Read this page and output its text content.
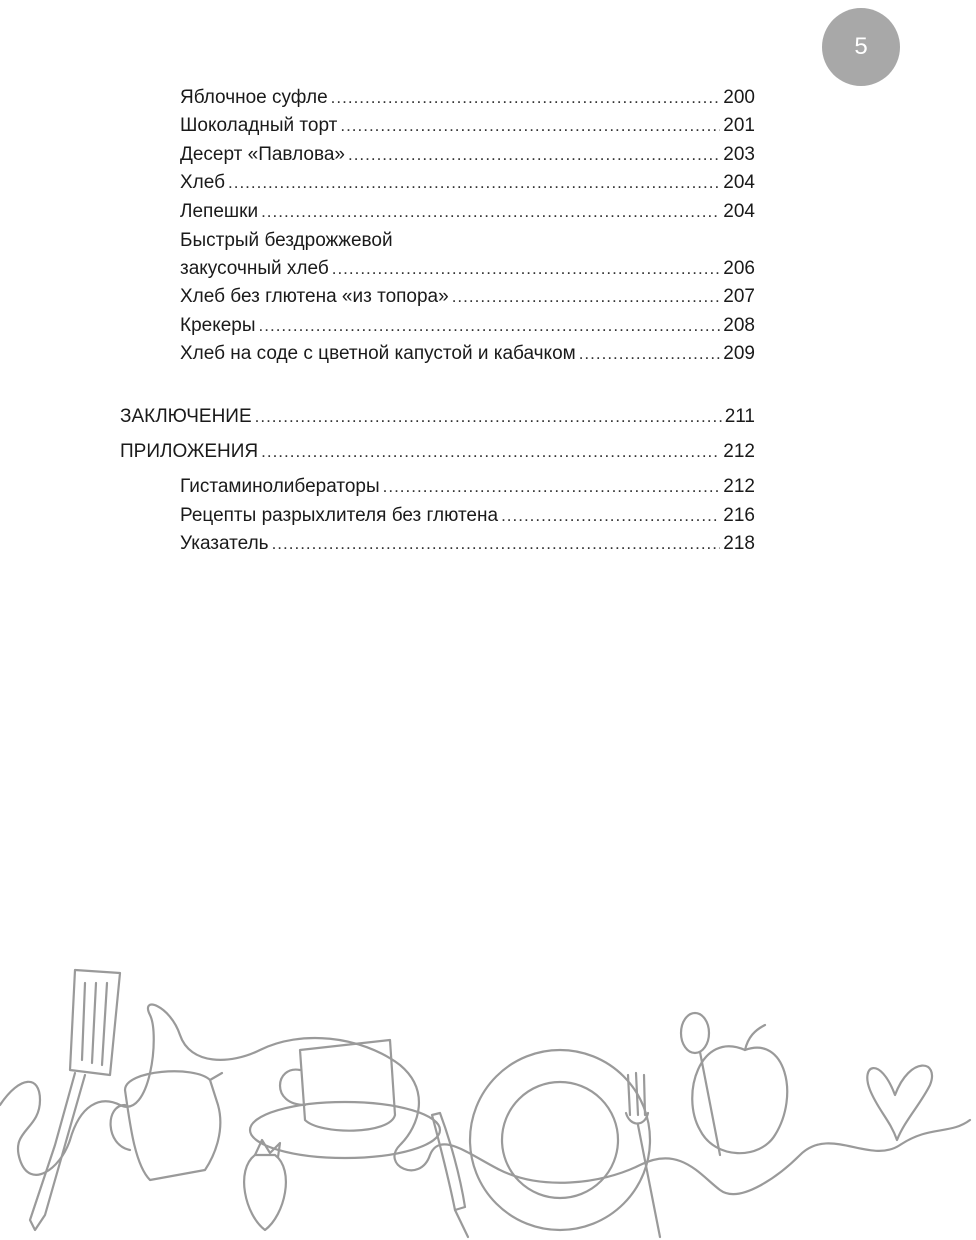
5
Яблочное суфле .....	200
Шоколадный торт .....	201
Десерт «Павлова» .....	203
Хлеб .....	204
Лепешки .....	204
Быстрый бездрожжевой
закусочный хлеб .....	206
Хлеб без глютена «из топора» .....	207
Крекеры .....	208
Хлеб на соде с цветной капустой и кабачком .....	209
ЗАКЛЮЧЕНИЕ .....	211
ПРИЛОЖЕНИЯ .....	212
Гистаминолибераторы .....	212
Рецепты разрыхлителя без глютена .....	216
Указатель .....	218
